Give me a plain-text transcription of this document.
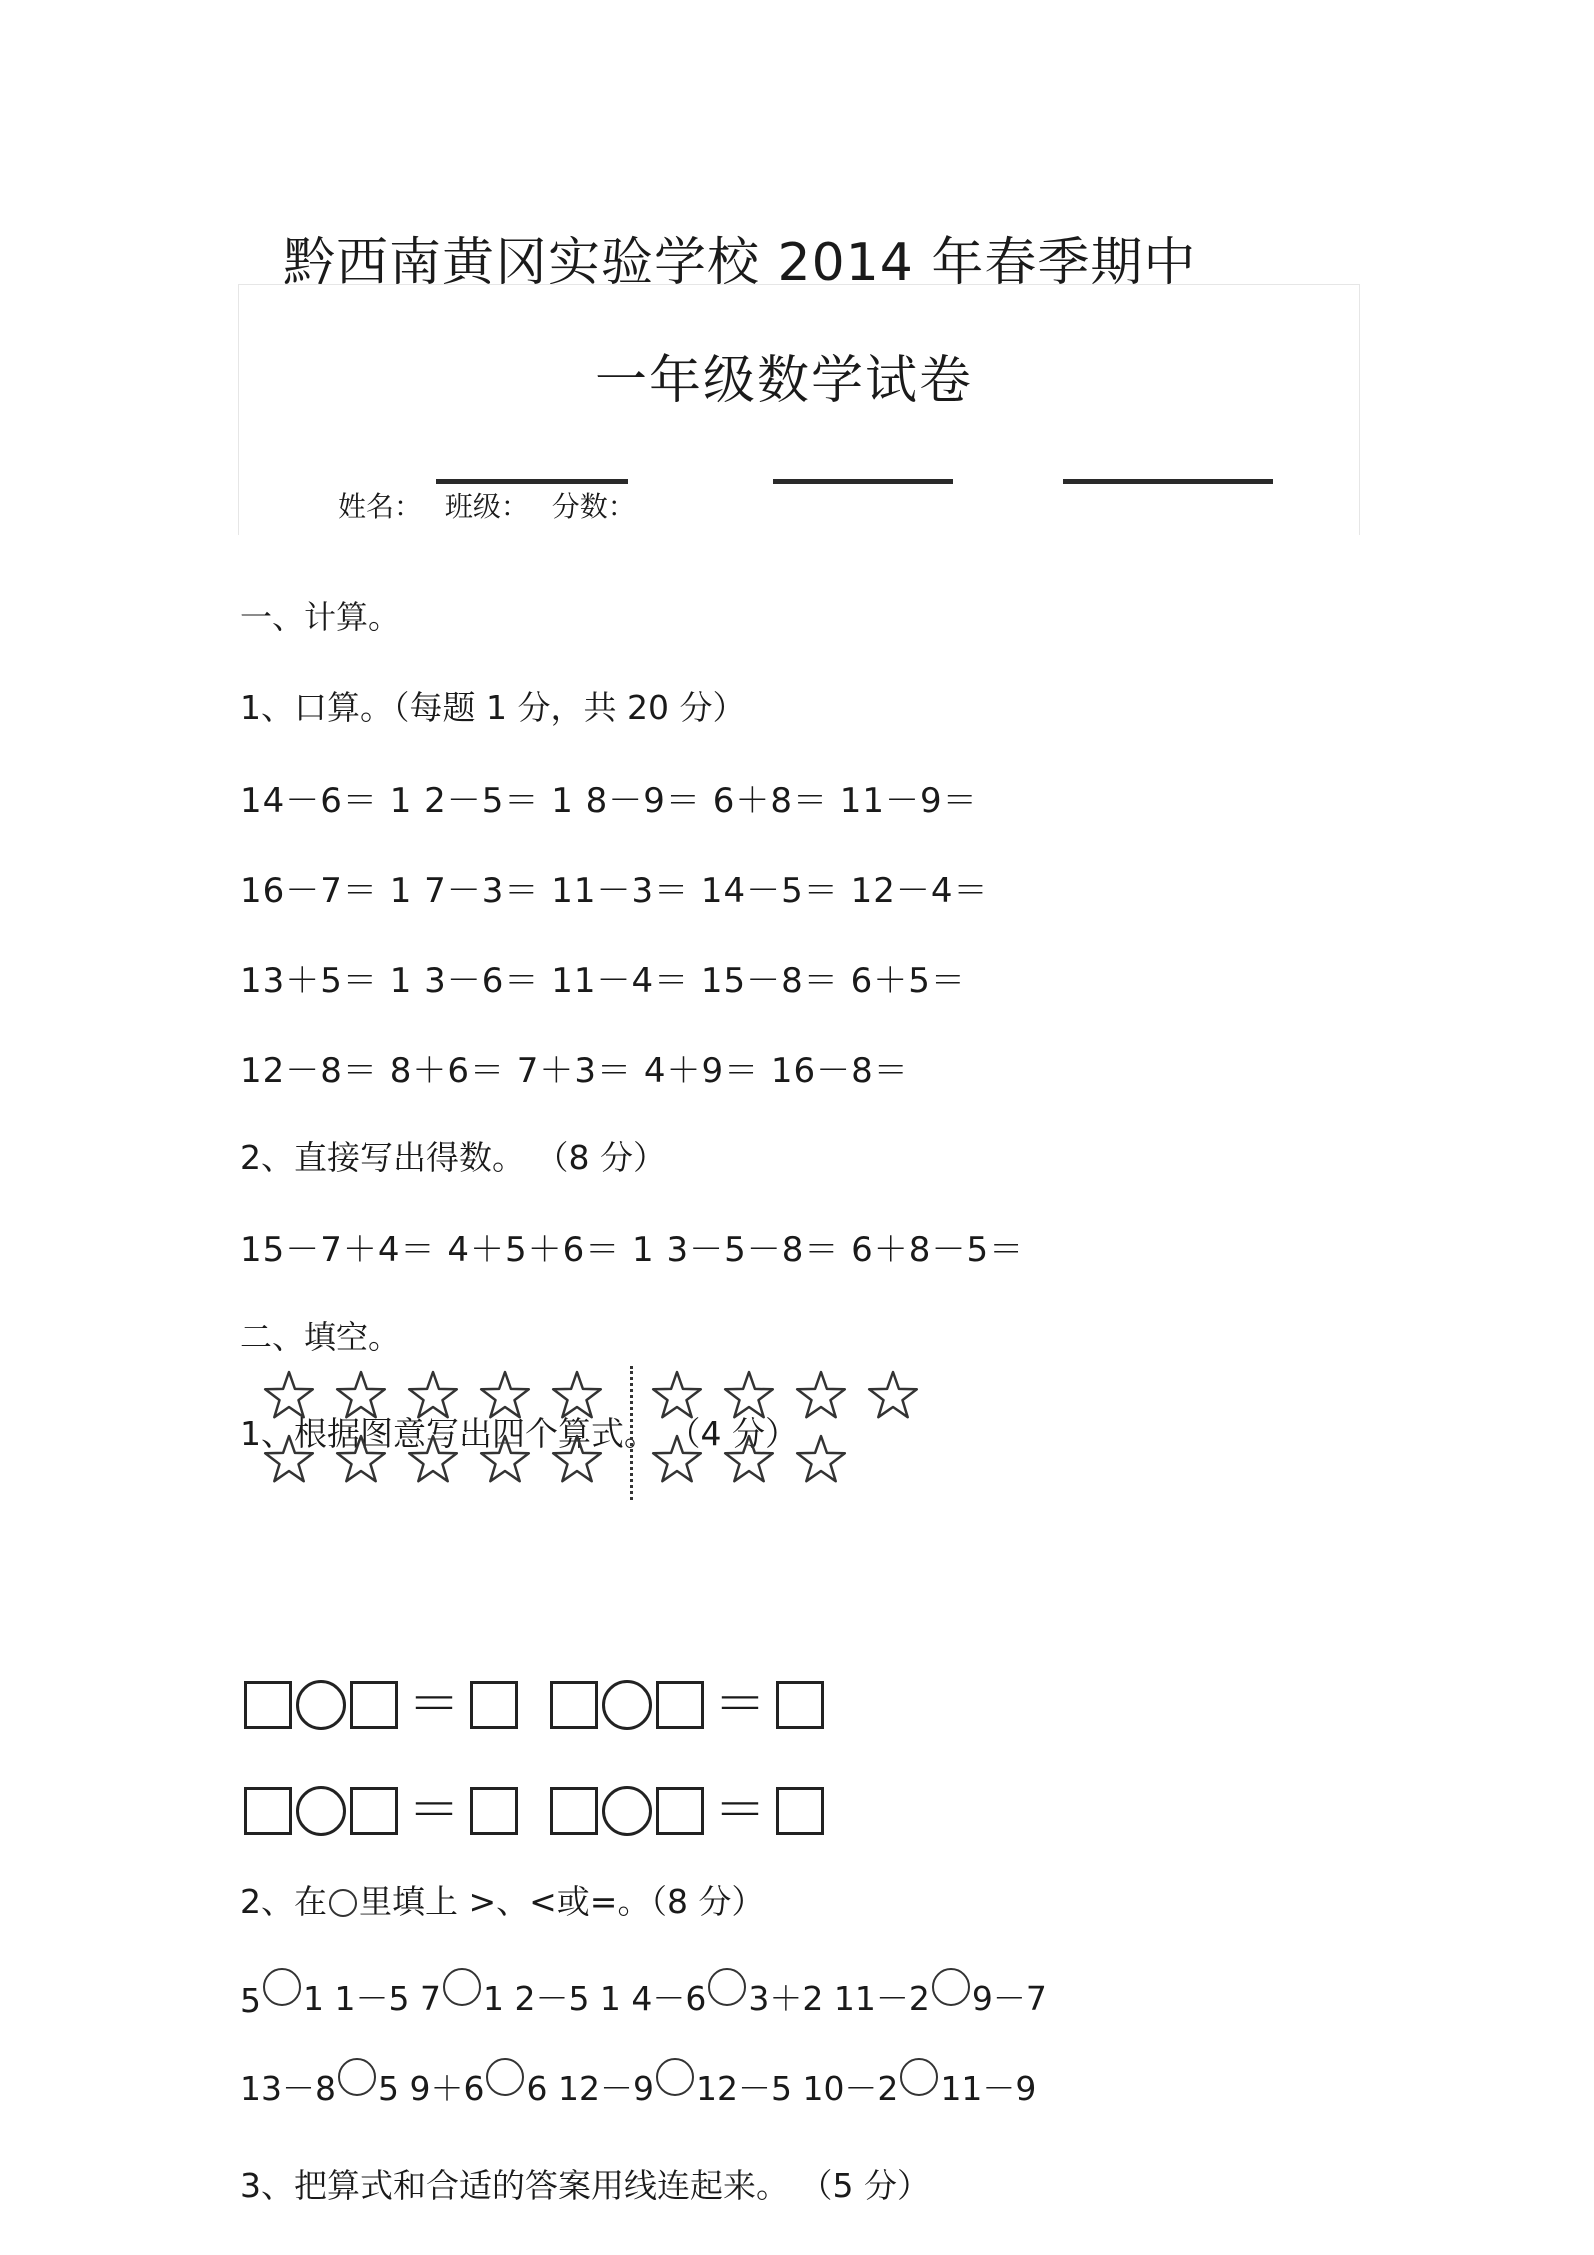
黔西南黄冈实验学校 2014 年春季期中
一年级数学试卷
姓名： 班级： 分数：
一、计算。
1、口算。（每题 1 分，共 20 分）
14－6＝ 1 2－5＝ 1 8－9＝ 6＋8＝ 11－9＝
16－7＝ 1 7－3＝ 11－3＝ 14－5＝ 12－4＝
13＋5＝ 1 3－6＝ 11－4＝ 15－8＝ 6＋5＝
12－8＝ 8＋6＝ 7＋3＝ 4＋9＝ 16－8＝
2、直接写出得数。 （8 分）
15－7＋4＝ 4＋5＋6＝ 1 3－5－8＝ 6＋8－5＝
二、填空。
1、根据图意写出四个算式。 （4 分）
＝	＝
＝	＝
2、在 里填上 >、<或=。（8 分）
5 1 1－5 7 1 2－5 1 4－6 3＋2 11－2 9－7
13－8 5 9＋6 6 12－9 12－5 10－2 11－9
3、把算式和合适的答案用线连起来。 （5 分）
